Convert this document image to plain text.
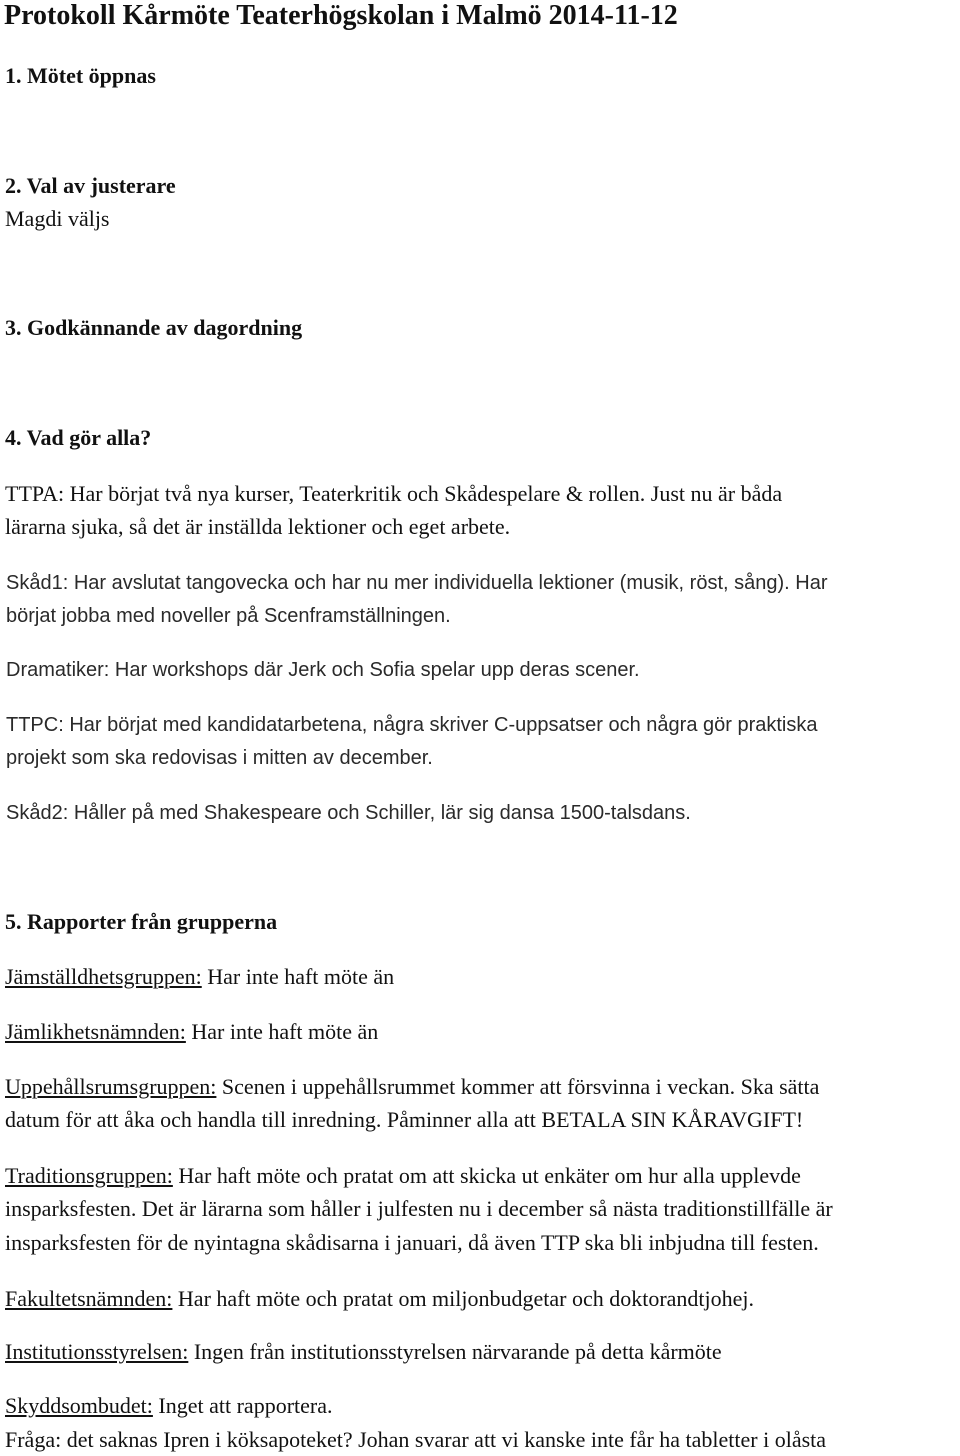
Protokoll Kårmöte Teaterhögskolan i Malmö 2014-11-12
1. Mötet öppnas
2. Val av justerare
Magdi väljs
3. Godkännande av dagordning
4. Vad gör alla?
TTPA: Har börjat två nya kurser, Teaterkritik och Skådespelare & rollen. Just nu är båda
lärarna sjuka, så det är inställda lektioner och eget arbete.
Skåd1: Har avslutat tangovecka och har nu mer individuella lektioner (musik, röst, sång). Har
börjat jobba med noveller på Scenframställningen.
Dramatiker: Har workshops där Jerk och Sofia spelar upp deras scener.
TTPC: Har börjat med kandidatarbetena, några skriver C-uppsatser och några gör praktiska
projekt som ska redovisas i mitten av december.
Skåd2: Håller på med Shakespeare och Schiller, lär sig dansa 1500-talsdans.
5. Rapporter från grupperna
Jämställdhetsgruppen: Har inte haft möte än
Jämlikhetsnämnden: Har inte haft möte än
Uppehållsrumsgruppen: Scenen i uppehållsrummet kommer att försvinna i veckan. Ska sätta
datum för att åka och handla till inredning. Påminner alla att BETALA SIN KÅRAVGIFT!
Traditionsgruppen: Har haft möte och pratat om att skicka ut enkäter om hur alla upplevde
insparksfesten. Det är lärarna som håller i julfesten nu i december så nästa traditionstillfälle är
insparksfesten för de nyintagna skådisarna i januari, då även TTP ska bli inbjudna till festen.
Fakultetsnämnden: Har haft möte och pratat om miljonbudgetar och doktorandtjohej.
Institutionsstyrelsen: Ingen från institutionsstyrelsen närvarande på detta kårmöte
Skyddsombudet: Inget att rapportera.
Fråga: det saknas Ipren i köksapoteket? Johan svarar att vi kanske inte får ha tabletter i olåsta
